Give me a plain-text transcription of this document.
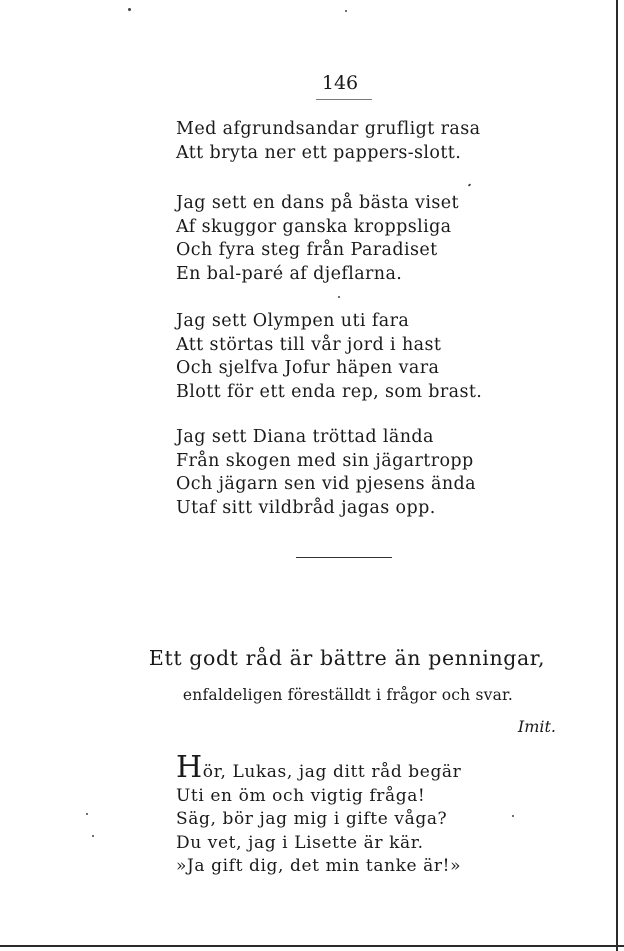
146
Med afgrundsandar grufligt rasa
Att bryta ner ett pappers-slott.
Jag sett en dans på bästa viset
Af skuggor ganska kroppsliga
Och fyra steg från Paradiset
En bal-paré af djeflarna.
Jag sett Olympen uti fara
Att störtas till vår jord i hast
Och sjelfva Jofur häpen vara
Blott för ett enda rep, som brast.
Jag sett Diana tröttad lända
Från skogen med sin jägartropp
Och jägarn sen vid pjesens ända
Utaf sitt vildbråd jagas opp.
Ett godt råd är bättre än penningar,
enfaldeligen föreställdt i frågor och svar.
Imit.
Hör, Lukas, jag ditt råd begär
Uti en öm och vigtig fråga!
Säg, bör jag mig i gifte våga?
Du vet, jag i Lisette är kär.
»Ja gift dig, det min tanke är!»
